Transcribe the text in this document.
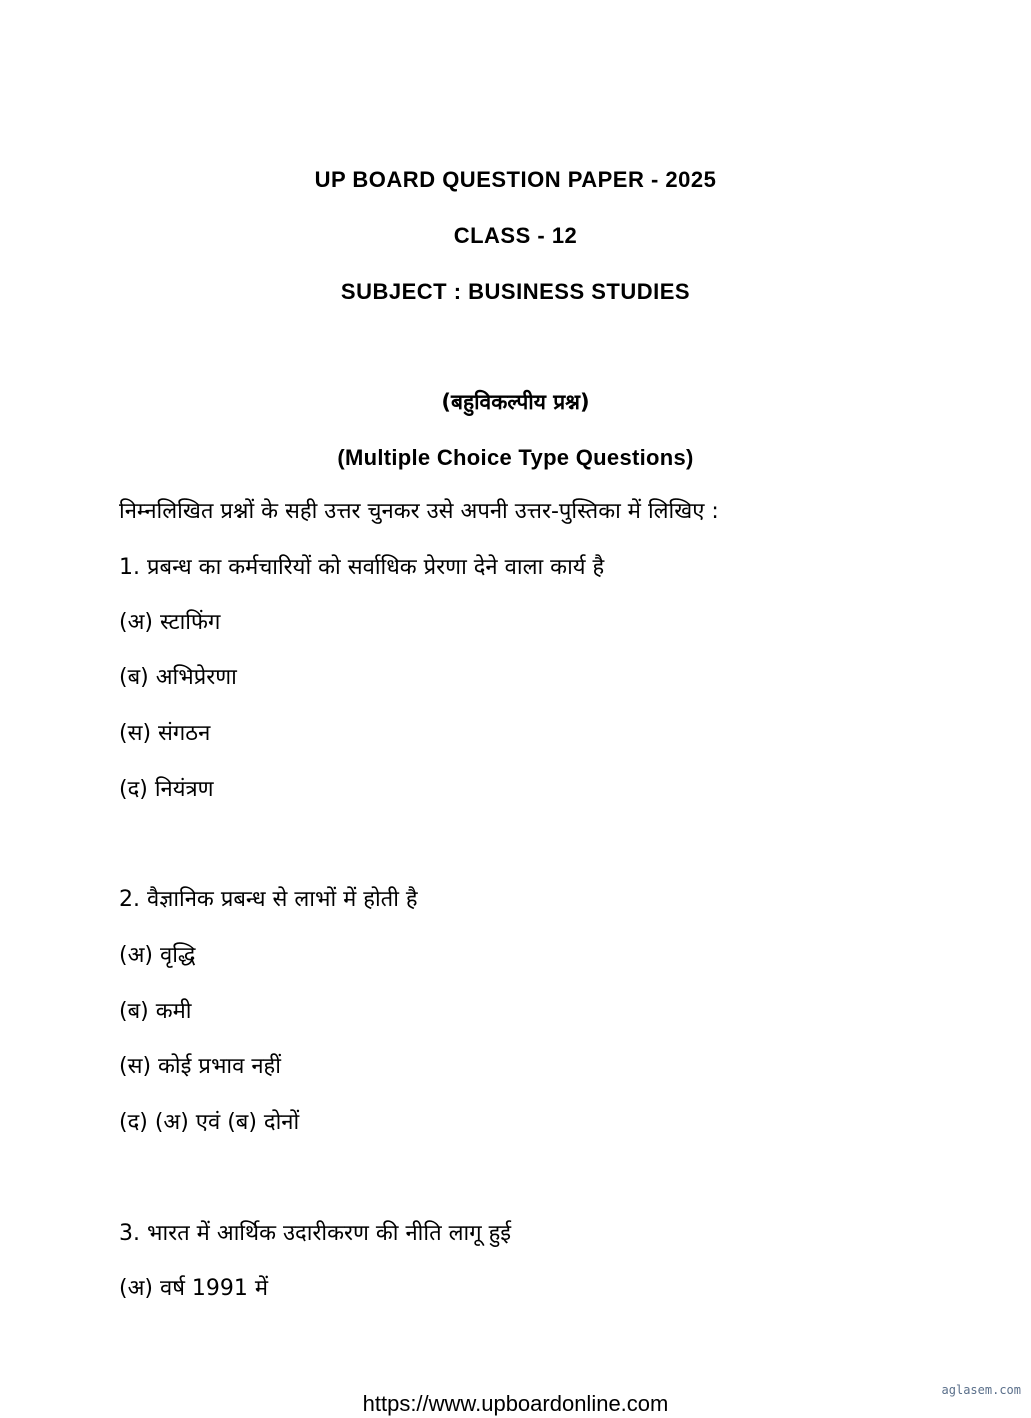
UP BOARD QUESTION PAPER - 2025
CLASS - 12
SUBJECT : BUSINESS STUDIES
(बहुविकल्पीय प्रश्न)
(Multiple Choice Type Questions)
निम्नलिखित प्रश्नों के सही उत्तर चुनकर उसे अपनी उत्तर-पुस्तिका में लिखिए :
1. प्रबन्ध का कर्मचारियों को सर्वाधिक प्रेरणा देने वाला कार्य है
(अ) स्टाफिंग
(ब) अभिप्रेरणा
(स) संगठन
(द) नियंत्रण
2. वैज्ञानिक प्रबन्ध से लाभों में होती है
(अ) वृद्धि
(ब) कमी
(स) कोई प्रभाव नहीं
(द) (अ) एवं (ब) दोनों
3. भारत में आर्थिक उदारीकरण की नीति लागू हुई
(अ) वर्ष 1991 में
https://www.upboardonline.com
aglasem.com
